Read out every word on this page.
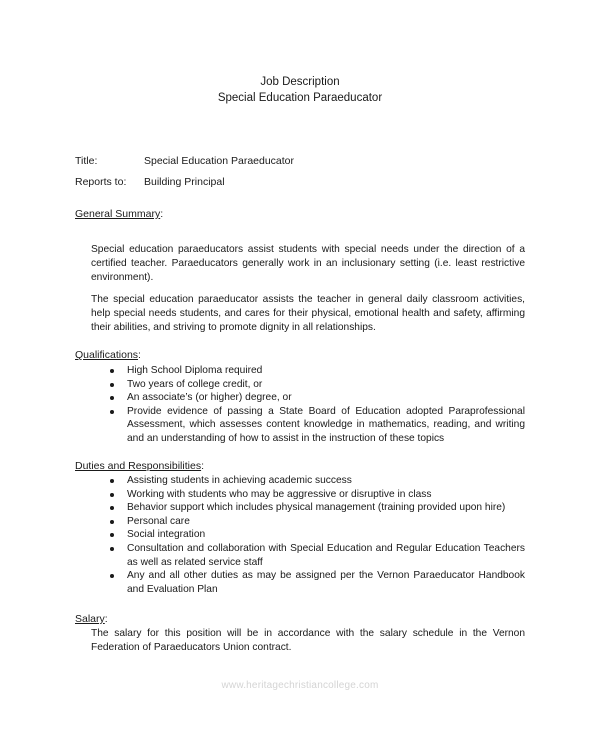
Job Description
Special Education Paraeducator
Title:	Special Education Paraeducator
Reports to: Building Principal
General Summary:
Special education paraeducators assist students with special needs under the direction of a certified teacher. Paraeducators generally work in an inclusionary setting (i.e. least restrictive environment).
The special education paraeducator assists the teacher in general daily classroom activities, help special needs students, and cares for their physical, emotional health and safety, affirming their abilities, and striving to promote dignity in all relationships.
Qualifications:
High School Diploma required
Two years of college credit, or
An associate’s (or higher) degree, or
Provide evidence of passing a State Board of Education adopted Paraprofessional Assessment, which assesses content knowledge in mathematics, reading, and writing and an understanding of how to assist in the instruction of these topics
Duties and Responsibilities:
Assisting students in achieving academic success
Working with students who may be aggressive or disruptive in class
Behavior support which includes physical management (training provided upon hire)
Personal care
Social integration
Consultation and collaboration with Special Education and Regular Education Teachers as well as related service staff
Any and all other duties as may be assigned per the Vernon Paraeducator Handbook and Evaluation Plan
Salary:
The salary for this position will be in accordance with the salary schedule in the Vernon Federation of Paraeducators Union contract.
www.heritagechristiancollege.com
